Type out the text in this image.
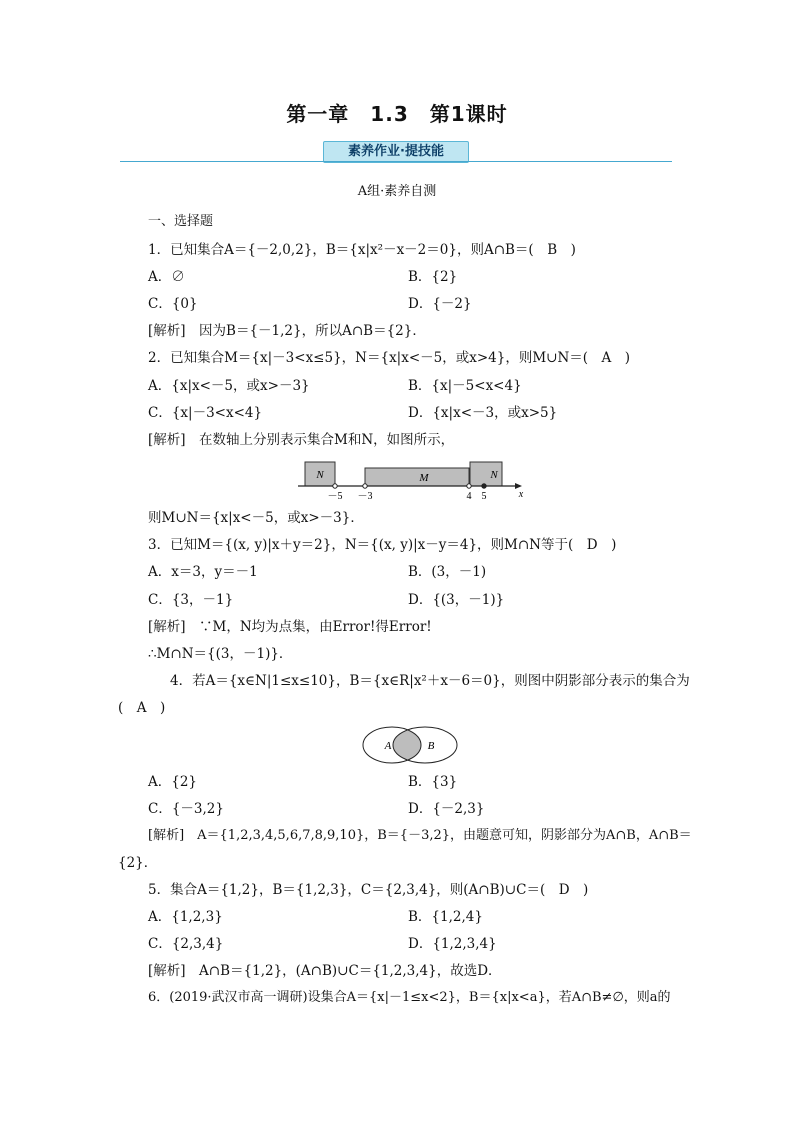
第一章　1.3　第1课时
素养作业·提技能
A组·素养自测
一、选择题
1．已知集合A＝{－2,0,2}，B＝{x|x²－x－2＝0}，则A∩B＝(　B　)
A．∅	B．{2}
C．{0}	D．{－2}
[解析]　因为B＝{－1,2}，所以A∩B＝{2}．
2．已知集合M＝{x|－3<x≤5}，N＝{x|x<－5，或x>4}，则M∪N＝(　A　)
A．{x|x<－5，或x>－3}	B．{x|－5<x<4}
C．{x|－3<x<4}	D．{x|x<－3，或x>5}
[解析]　在数轴上分别表示集合M和N，如图所示，
N	M	N
－5 －3	4 5	x
则M∪N＝{x|x<－5，或x>－3}．
3．已知M＝{(x, y)|x＋y＝2}，N＝{(x, y)|x－y＝4}，则M∩N等于(　D　)
A．x＝3，y＝－1	B．(3，－1)
C．{3，－1}	D．{(3，－1)}
[解析]　∵M，N均为点集，由Error!得Error!
∴M∩N＝{(3，－1)}．
4．若A＝{x∈N|1≤x≤10}，B＝{x∈R|x²＋x－6＝0}，则图中阴影部分表示的集合为
(　A　)
A	B
A．{2}	B．{3}
C．{－3,2}	D．{－2,3}
[解析]　A＝{1,2,3,4,5,6,7,8,9,10}，B＝{－3,2}，由题意可知，阴影部分为A∩B，A∩B＝
{2}．
5．集合A＝{1,2}，B＝{1,2,3}，C＝{2,3,4}，则(A∩B)∪C＝(　D　)
A．{1,2,3}	B．{1,2,4}
C．{2,3,4}	D．{1,2,3,4}
[解析]　A∩B＝{1,2}，(A∩B)∪C＝{1,2,3,4}，故选D．
6．(2019·武汉市高一调研)设集合A＝{x|－1≤x<2}，B＝{x|x<a}，若A∩B≠∅，则a的
